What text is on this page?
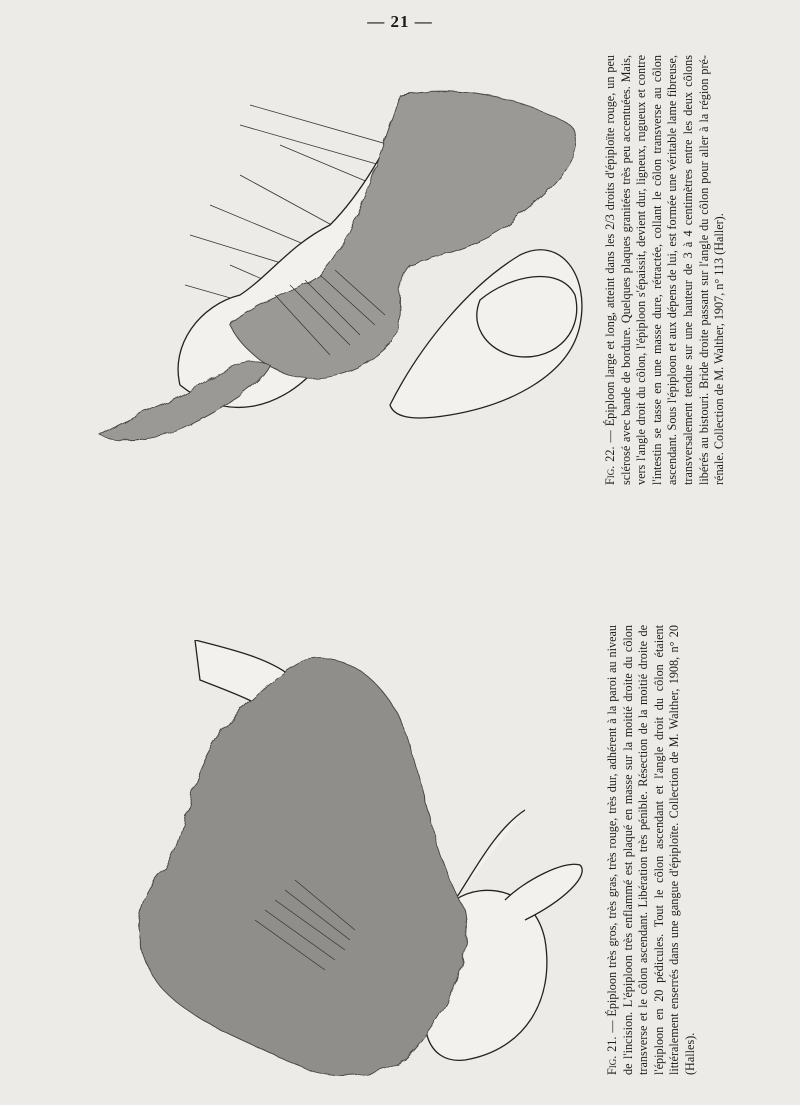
— 21 —

Fig. 22. — Épiploon large et long, atteint dans les 2/3 droits d'épiploïte rouge, un peu sclérosé avec bande de bordure. Quelques plaques granitées très peu accentuées. Mais, vers l'angle droit du côlon, l'épiploon s'épaissit, devient dur, ligneux, rugueux et contre l'intestin se tasse en une masse dure, rétractée, collant le côlon transverse au côlon ascendant. Sous l'épiploon et aux dépens de lui, est formée une véritable lame fibreuse, transversalement tendue sur une hauteur de 3 à 4 centimètres entre les deux côlons libérés au bistouri. Bride droite passant sur l'angle du côlon pour aller à la région pré-rénale. Collection de M. Walther, 1907, n° 113 (Haller).

Fig. 21. — Épiploon très gros, très gras, très rouge, très dur, adhérent à la paroi au niveau de l'incision. L'épiploon très enflammé est plaqué en masse sur la moitié droite du côlon transverse et le côlon ascendant. Libération très pénible. Résection de la moitié droite de l'épiploon en 20 pédicules. Tout le côlon ascendant et l'angle droit du côlon étaient littéralement enserrés dans une gangue d'épiploïte. Collection de M. Walther, 1908, n° 20 (Halles).
